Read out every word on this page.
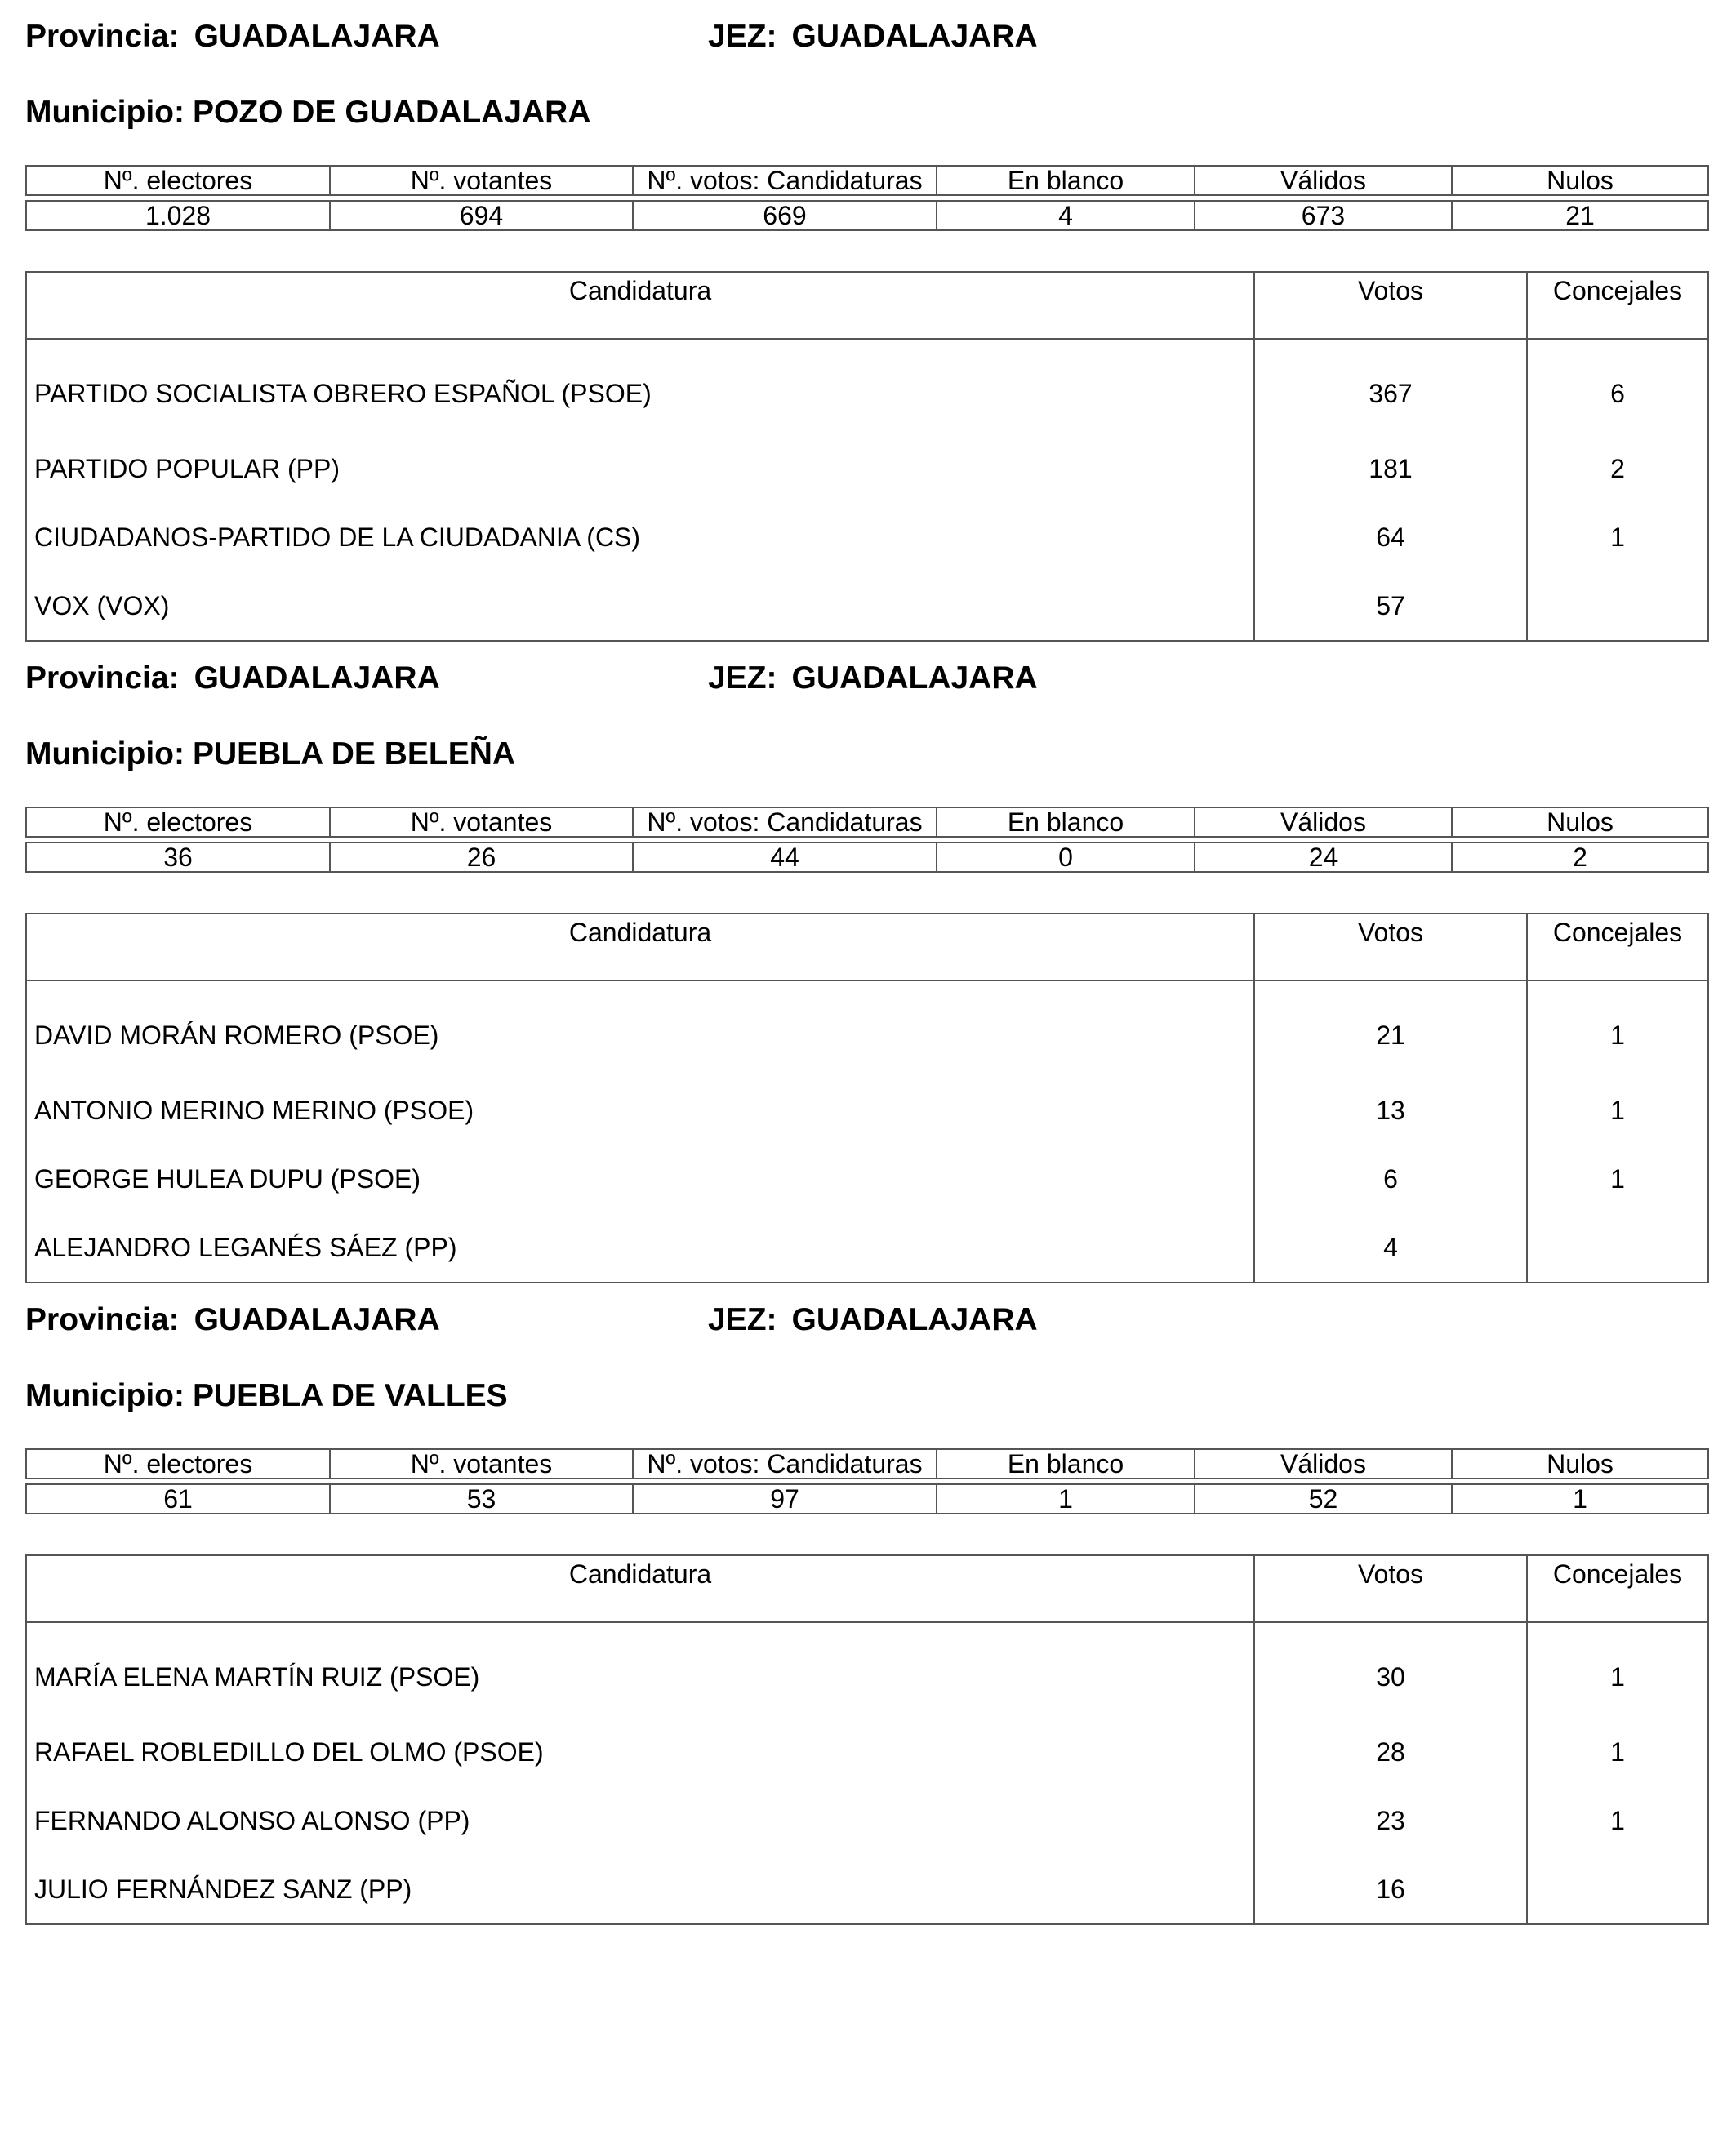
Provincia: GUADALAJARA	JEZ: GUADALAJARA
Municipio: POZO DE GUADALAJARA
Nº. electores	Nº. votantes	Nº. votos: Candidaturas	En blanco	Válidos	Nulos
1.028	694	669	4	673	21
Candidatura	Votos	Concejales
PARTIDO SOCIALISTA OBRERO ESPAÑOL (PSOE)	367	6
PARTIDO POPULAR (PP)	181	2
CIUDADANOS-PARTIDO DE LA CIUDADANIA (CS)	64	1
VOX (VOX)	57	
Provincia: GUADALAJARA	JEZ: GUADALAJARA
Municipio: PUEBLA DE BELEÑA
Nº. electores	Nº. votantes	Nº. votos: Candidaturas	En blanco	Válidos	Nulos
36	26	44	0	24	2
Candidatura	Votos	Concejales
DAVID MORÁN ROMERO (PSOE)	21	1
ANTONIO MERINO MERINO (PSOE)	13	1
GEORGE HULEA DUPU (PSOE)	6	1
ALEJANDRO LEGANÉS SÁEZ (PP)	4	
Provincia: GUADALAJARA	JEZ: GUADALAJARA
Municipio: PUEBLA DE VALLES
Nº. electores	Nº. votantes	Nº. votos: Candidaturas	En blanco	Válidos	Nulos
61	53	97	1	52	1
Candidatura	Votos	Concejales
MARÍA ELENA MARTÍN RUIZ (PSOE)	30	1
RAFAEL ROBLEDILLO DEL OLMO (PSOE)	28	1
FERNANDO ALONSO ALONSO (PP)	23	1
JULIO FERNÁNDEZ SANZ (PP)	16	
